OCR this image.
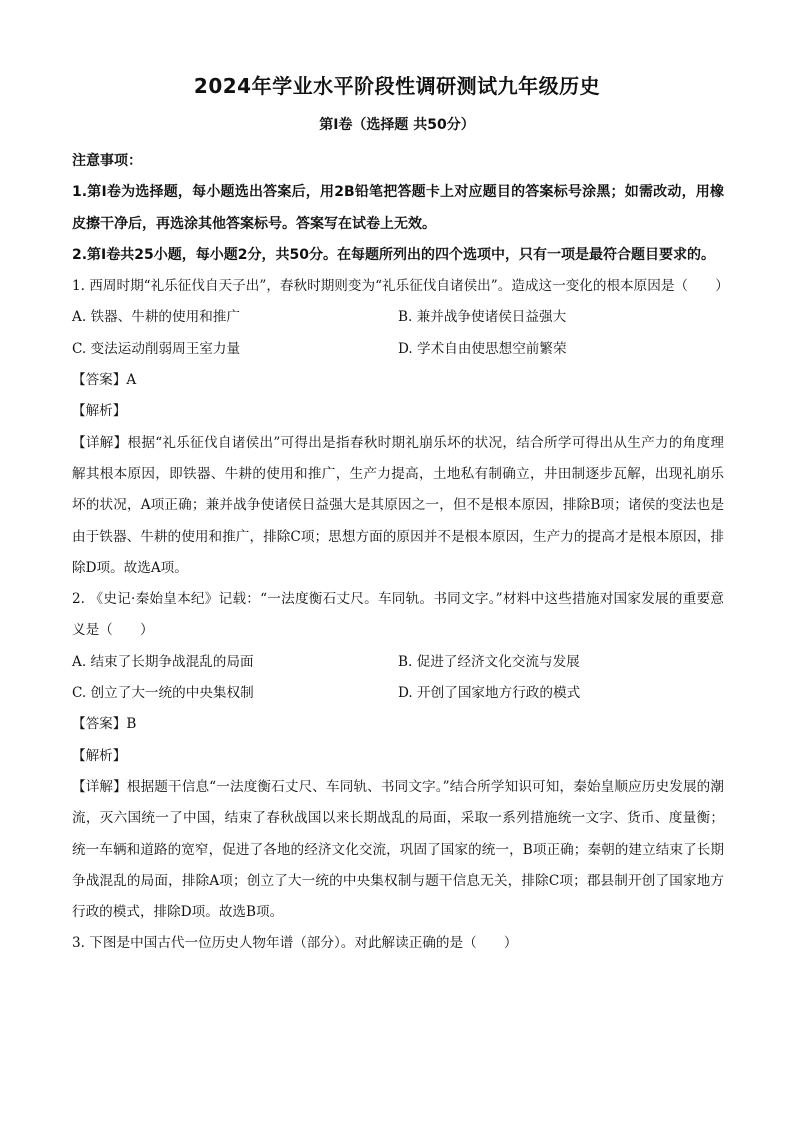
2024年学业水平阶段性调研测试九年级历史
第Ⅰ卷（选择题 共50分）

注意事项：

1.第Ⅰ卷为选择题，每小题选出答案后，用2B铅笔把答题卡上对应题目的答案标号涂黑；如需改动，用橡皮擦干净后，再选涂其他答案标号。答案写在试卷上无效。

2.第Ⅰ卷共25小题，每小题2分，共50分。在每题所列出的四个选项中，只有一项是最符合题目要求的。

1. 西周时期“礼乐征伐自天子出”，春秋时期则变为“礼乐征伐自诸侯出”。造成这一变化的根本原因是（　　）

A. 铁器、牛耕的使用和推广	B. 兼并战争使诸侯日益强大
C. 变法运动削弱周王室力量	D. 学术自由使思想空前繁荣

【答案】A

【解析】

【详解】根据“礼乐征伐自诸侯出”可得出是指春秋时期礼崩乐坏的状况，结合所学可得出从生产力的角度理解其根本原因，即铁器、牛耕的使用和推广，生产力提高，土地私有制确立，井田制逐步瓦解，出现礼崩乐坏的状况，A项正确；兼并战争使诸侯日益强大是其原因之一，但不是根本原因，排除B项；诸侯的变法也是由于铁器、牛耕的使用和推广，排除C项；思想方面的原因并不是根本原因，生产力的提高才是根本原因，排除D项。故选A项。

2. 《史记·秦始皇本纪》记载：“一法度衡石丈尺。车同轨。书同文字。”材料中这些措施对国家发展的重要意义是（　　）

A. 结束了长期争战混乱的局面	B. 促进了经济文化交流与发展
C. 创立了大一统的中央集权制	D. 开创了国家地方行政的模式

【答案】B

【解析】

【详解】根据题干信息“一法度衡石丈尺、车同轨、书同文字。”结合所学知识可知，秦始皇顺应历史发展的潮流，灭六国统一了中国，结束了春秋战国以来长期战乱的局面，采取一系列措施统一文字、货币、度量衡；统一车辆和道路的宽窄，促进了各地的经济文化交流，巩固了国家的统一，B项正确；秦朝的建立结束了长期争战混乱的局面，排除A项；创立了大一统的中央集权制与题干信息无关，排除C项；郡县制开创了国家地方行政的模式，排除D项。故选B项。

3. 下图是中国古代一位历史人物年谱（部分）。对此解读正确的是（　　）
